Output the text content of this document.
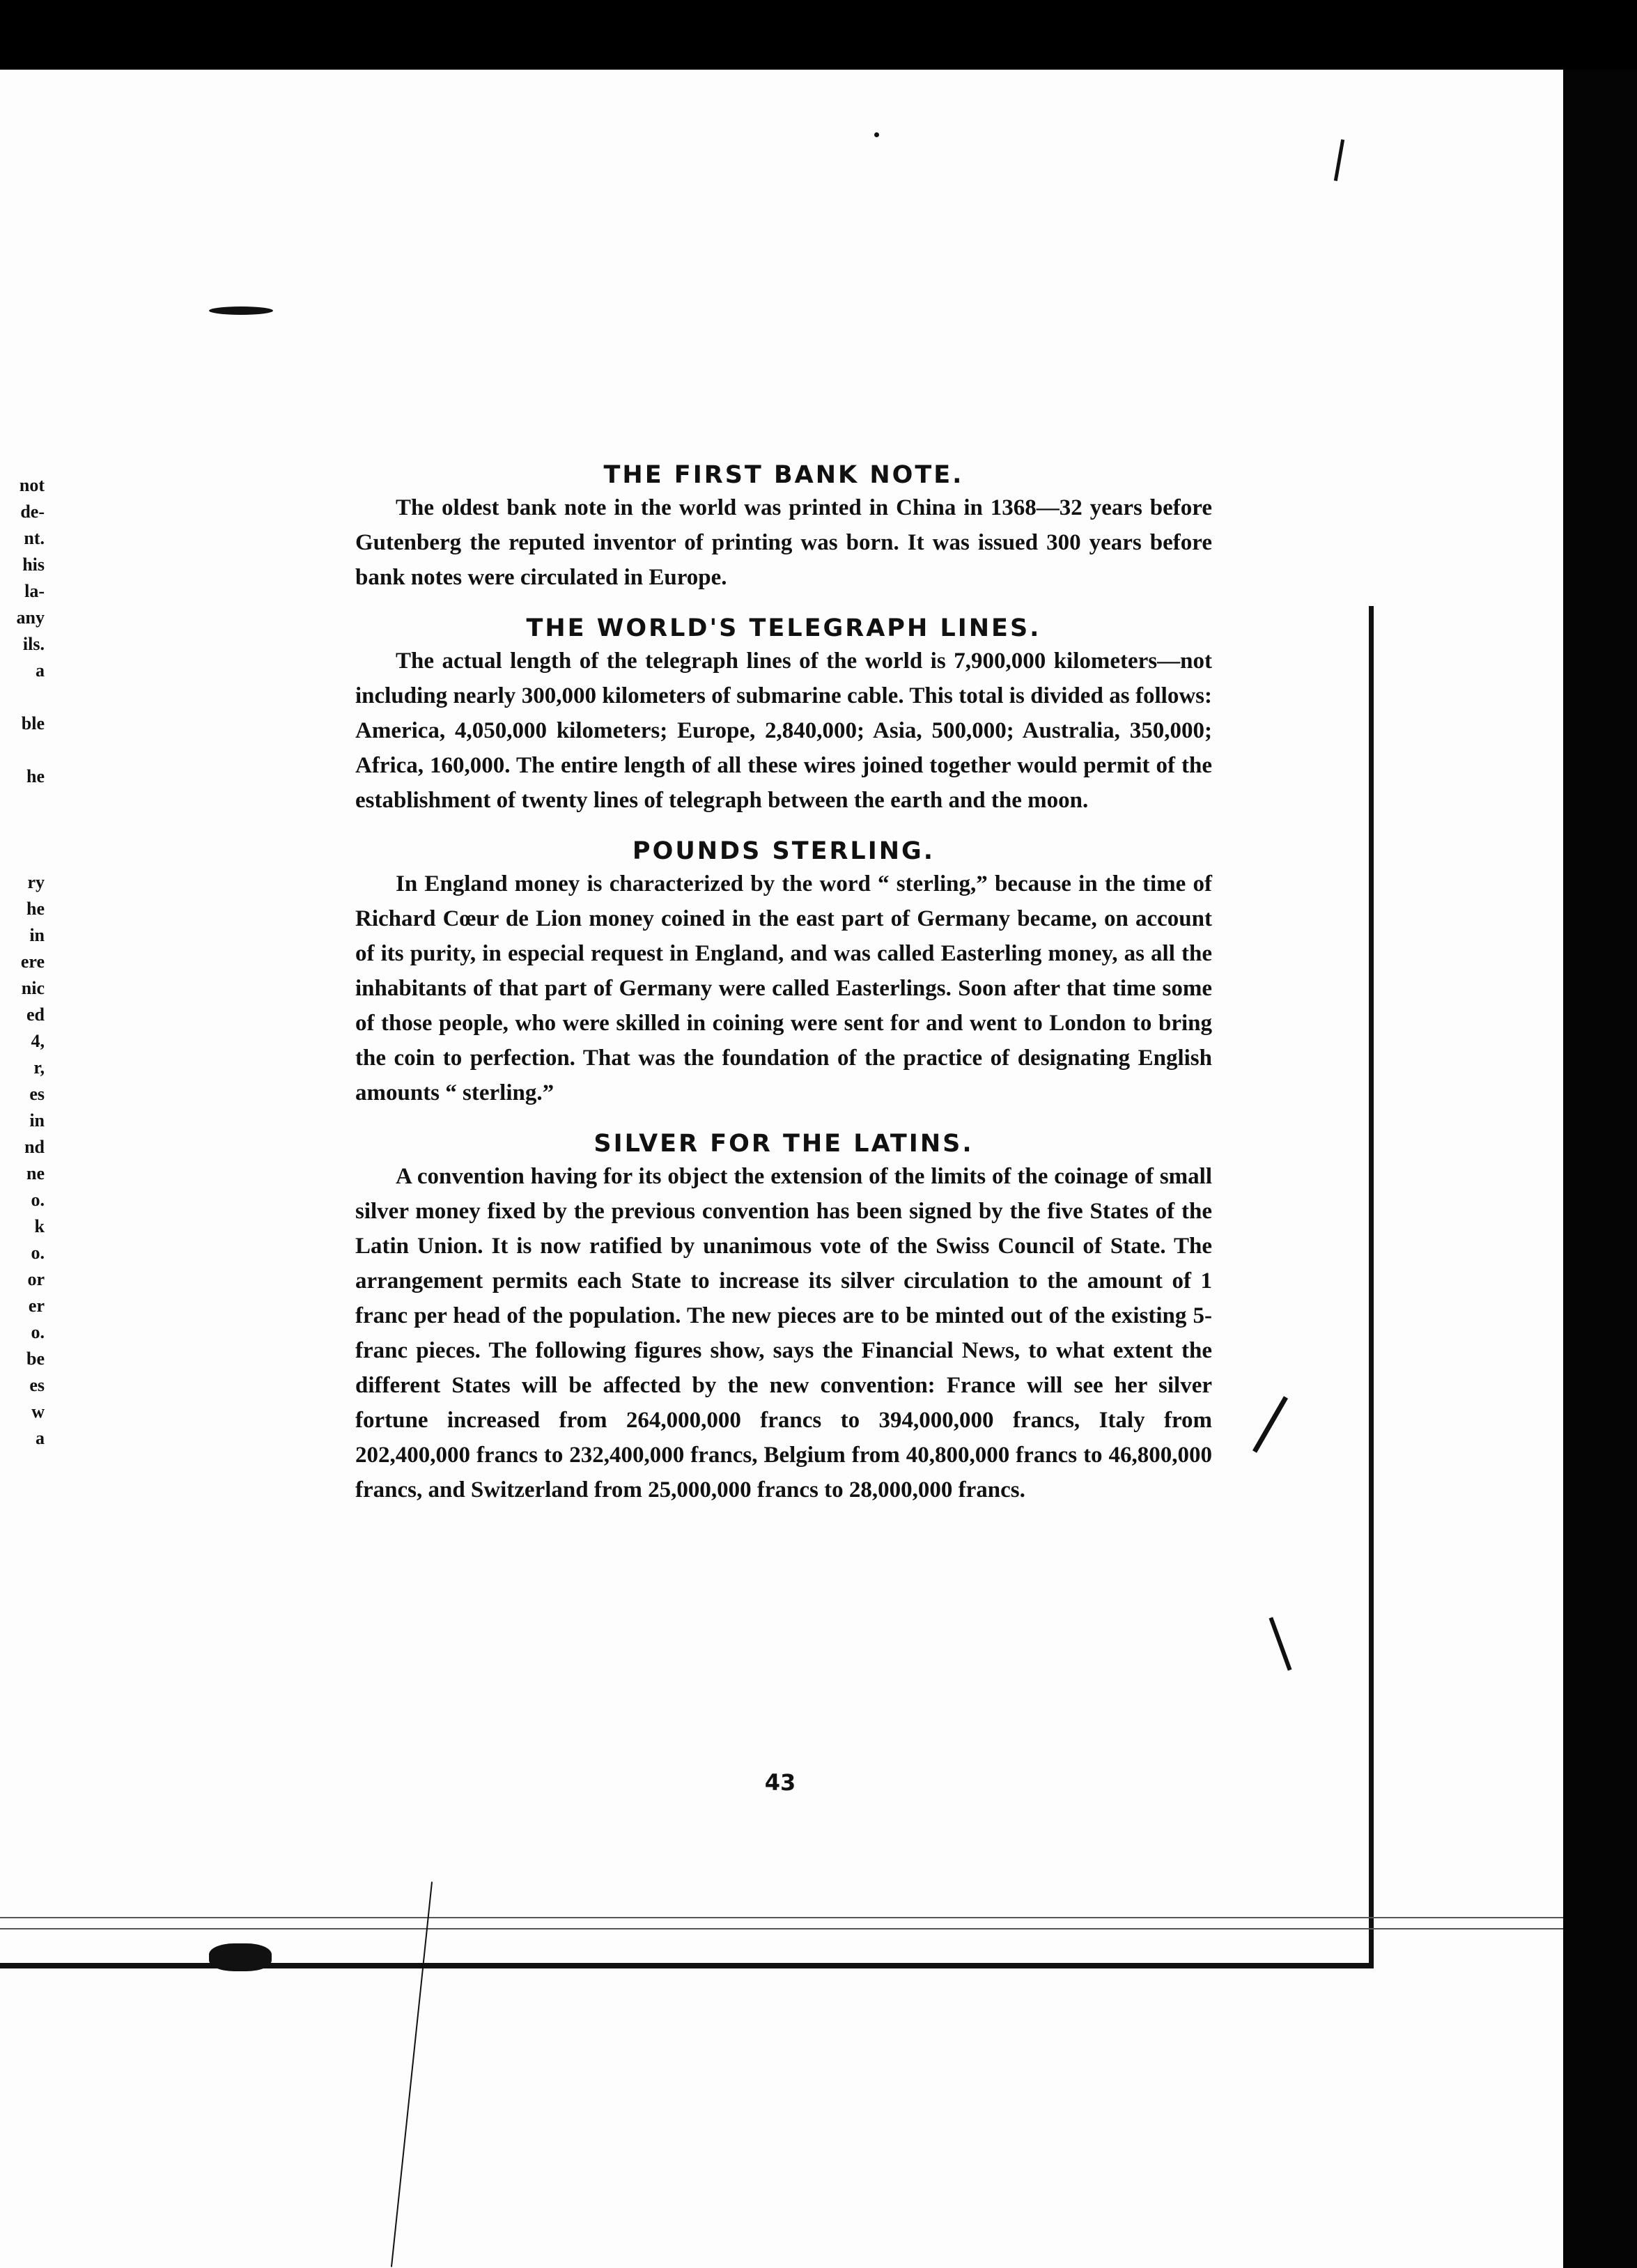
not
de-
nt.
his
la-
any
ils.
a
ble
he
ry
he
in
ere
nic
ed
4,
r,
es
in
nd
ne
o.
k
o.
or
er
o.
be
es
w
a
THE FIRST BANK NOTE.

The oldest bank note in the world was printed in China in 1368—32 years before Gutenberg the reputed inventor of printing was born. It was issued 300 years before bank notes were circulated in Europe.

THE WORLD'S TELEGRAPH LINES.

The actual length of the telegraph lines of the world is 7,900,000 kilometers—not including nearly 300,000 kilometers of submarine cable. This total is divided as follows: America, 4,050,000 kilometers; Europe, 2,840,000; Asia, 500,000; Australia, 350,000; Africa, 160,000. The entire length of all these wires joined together would permit of the establishment of twenty lines of telegraph between the earth and the moon.

POUNDS STERLING.

In England money is characterized by the word “ sterling,” because in the time of Richard Cœur de Lion money coined in the east part of Germany became, on account of its purity, in especial request in England, and was called Easterling money, as all the inhabitants of that part of Germany were called Easterlings. Soon after that time some of those people, who were skilled in coining were sent for and went to London to bring the coin to perfection. That was the foundation of the practice of designating English amounts “ sterling.”

SILVER FOR THE LATINS.

A convention having for its object the extension of the limits of the coinage of small silver money fixed by the previous convention has been signed by the five States of the Latin Union. It is now ratified by unanimous vote of the Swiss Council of State. The arrangement permits each State to increase its silver circulation to the amount of 1 franc per head of the population. The new pieces are to be minted out of the existing 5-franc pieces. The following figures show, says the Financial News, to what extent the different States will be affected by the new convention: France will see her silver fortune increased from 264,000,000 francs to 394,000,000 francs, Italy from 202,400,000 francs to 232,400,000 francs, Belgium from 40,800,000 francs to 46,800,000 francs, and Switzerland from 25,000,000 francs to 28,000,000 francs.

43
